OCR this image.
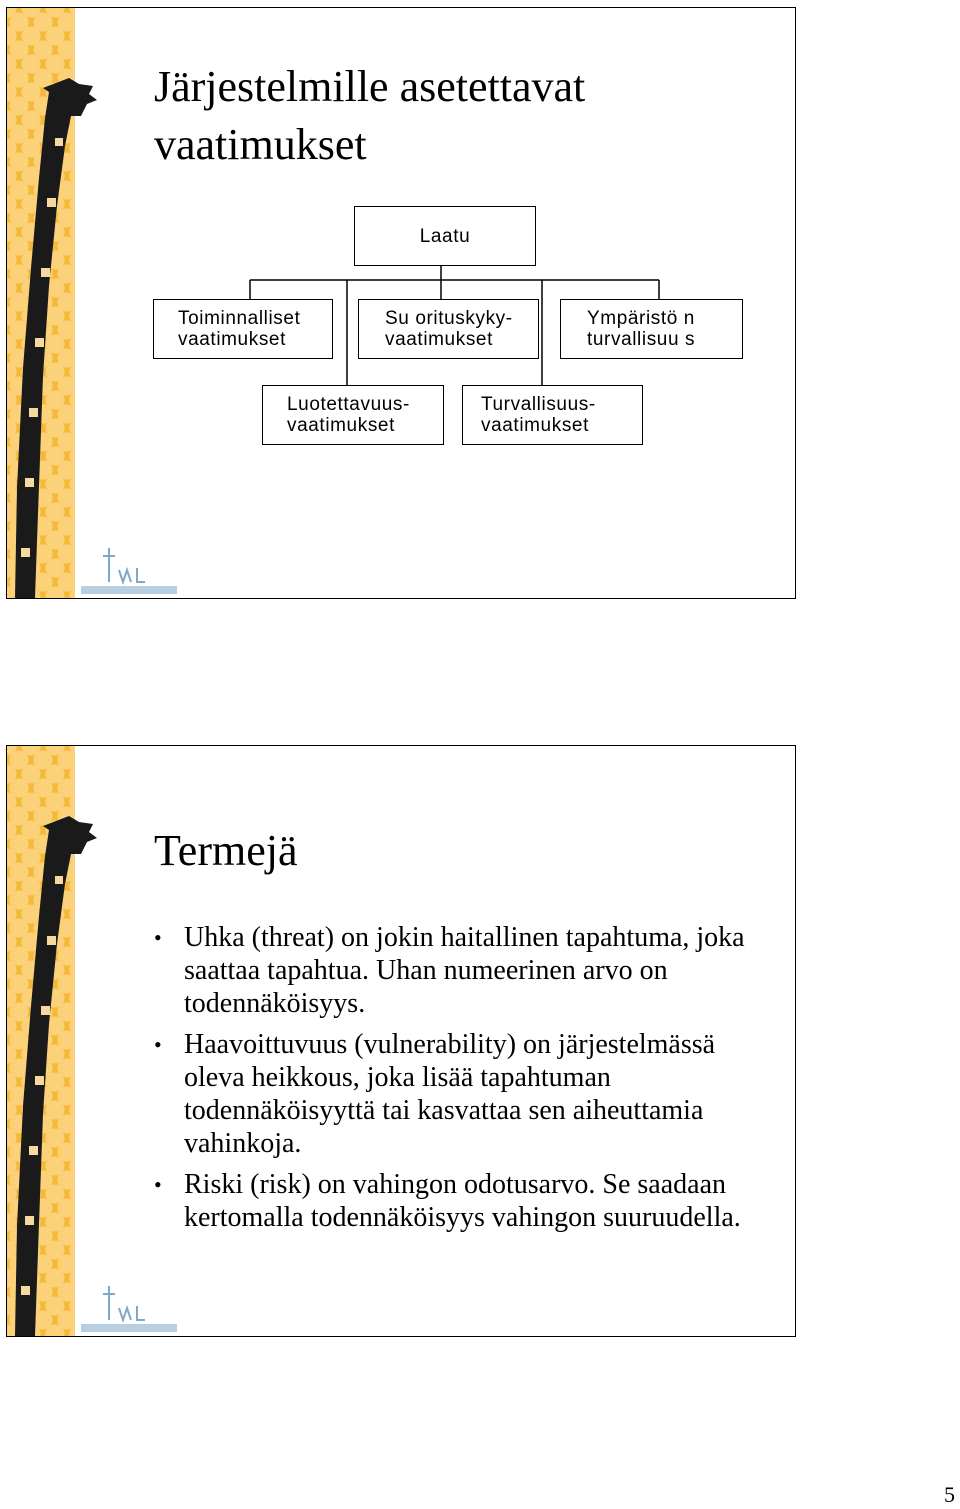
Järjestelmille asetettavat vaatimukset
Laatu
Toiminnalliset
vaatimukset
Su orituskyky-
vaatimukset
Ympäristö n
turvallisuu s
Luotettavuus-
vaatimukset
Turvallisuus-
vaatimukset
Termejä
• Uhka (threat) on jokin haitallinen tapahtuma, joka saattaa tapahtua. Uhan numeerinen arvo on todennäköisyys.
• Haavoittuvuus (vulnerability) on järjestelmässä oleva heikkous, joka lisää tapahtuman todennäköisyyttä tai kasvattaa sen aiheuttamia vahinkoja.
• Riski (risk) on vahingon odotusarvo. Se saadaan kertomalla todennäköisyys vahingon suuruudella.
5
